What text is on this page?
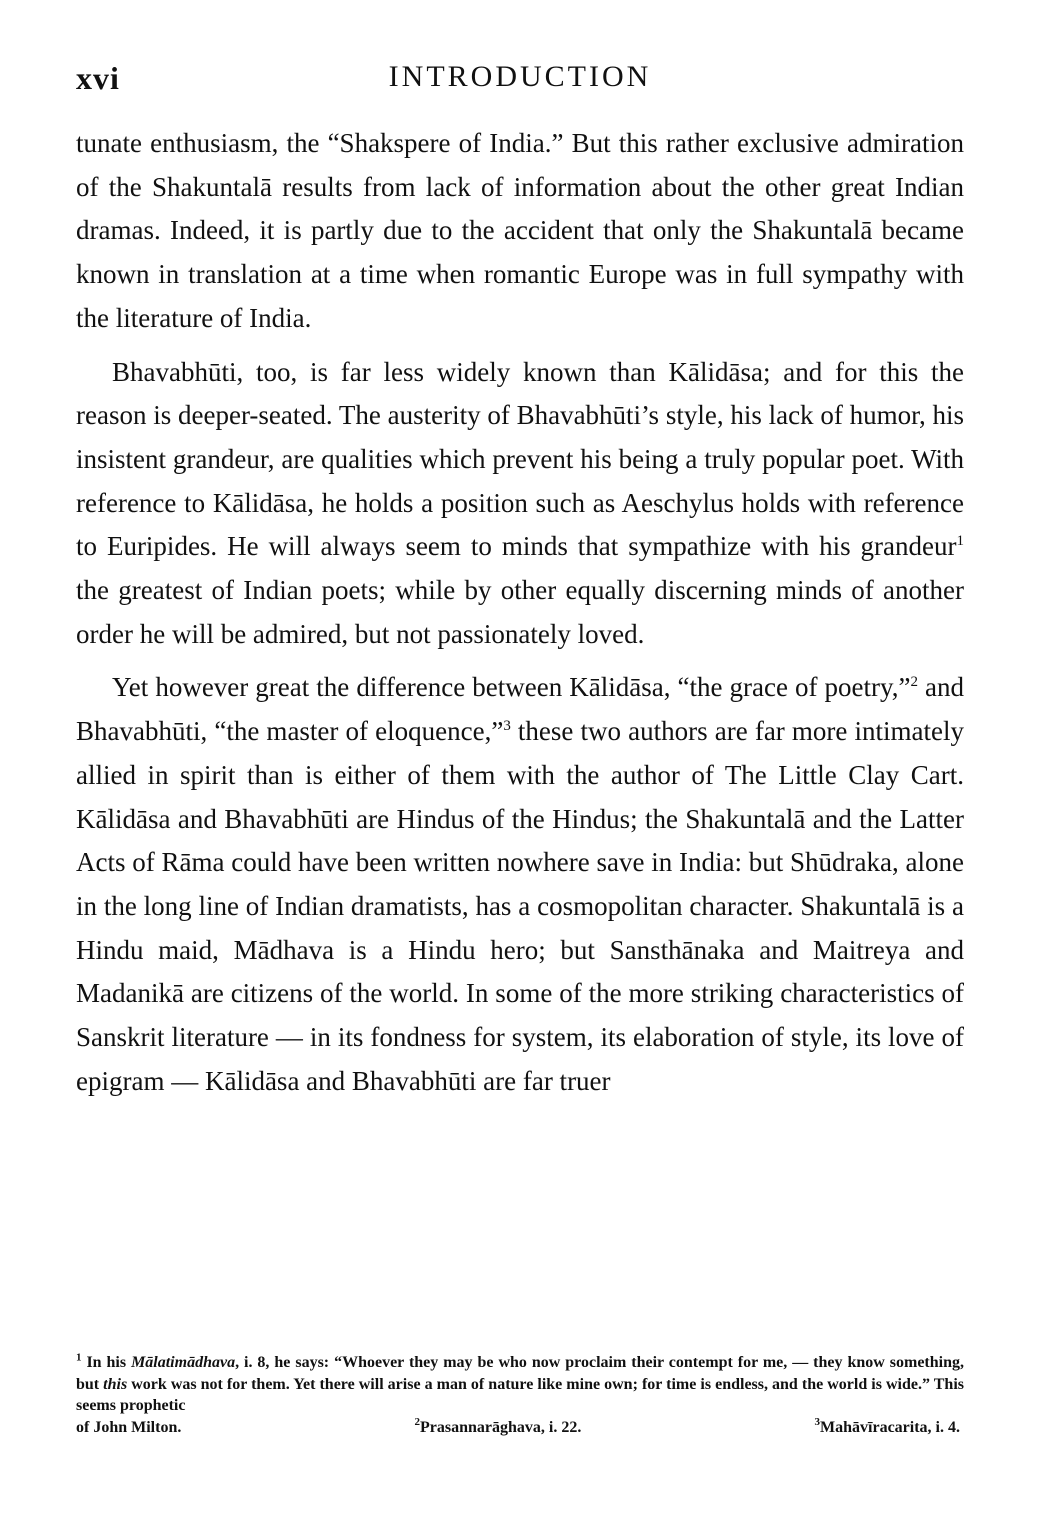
xvi	INTRODUCTION

tunate enthusiasm, the “Shakspere of India.” But this rather exclusive admiration of the Shakuntalā results from lack of information about the other great Indian dramas. Indeed, it is partly due to the accident that only the Shakuntalā became known in translation at a time when romantic Europe was in full sympathy with the literature of India.

Bhavabhūti, too, is far less widely known than Kālidāsa; and for this the reason is deeper-seated. The austerity of Bhavabhūti’s style, his lack of humor, his insistent grandeur, are qualities which prevent his being a truly popular poet. With reference to Kālidāsa, he holds a position such as Aeschylus holds with reference to Euripides. He will always seem to minds that sympathize with his grandeur$^1$ the greatest of Indian poets; while by other equally discerning minds of another order he will be admired, but not passionately loved.

Yet however great the difference between Kālidāsa, “the grace of poetry,”$^2$ and Bhavabhūti, “the master of eloquence,”$^3$ these two authors are far more intimately allied in spirit than is either of them with the author of The Little Clay Cart. Kālidāsa and Bhavabhūti are Hindus of the Hindus; the Shakuntalā and the Latter Acts of Rāma could have been written nowhere save in India: but Shūdraka, alone in the long line of Indian dramatists, has a cosmopolitan character. Shakuntalā is a Hindu maid, Mādhava is a Hindu hero; but Sansthānaka and Maitreya and Madanikā are citizens of the world. In some of the more striking characteristics of Sanskrit literature — in its fondness for system, its elaboration of style, its love of epigram — Kālidāsa and Bhavabhūti are far truer

$^1$ In his Mālatimādhava, i. 8, he says: “Whoever they may be who now proclaim their contempt for me, — they know something, but this work was not for them. Yet there will arise a man of nature like mine own; for time is endless, and the world is wide.” This seems prophetic

of John Milton.	2Prasannarāghava, i. 22.	3Mahāvīracarita, i. 4.
